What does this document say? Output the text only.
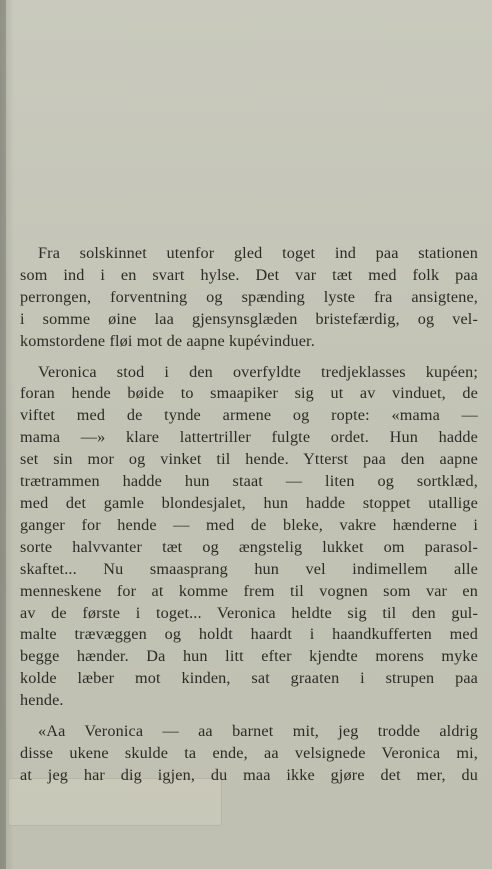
Fra solskinnet utenfor gled toget ind paa stationen
som ind i en svart hylse. Det var tæt med folk paa
perrongen, forventning og spænding lyste fra ansigtene,
i somme øine laa gjensynsglæden bristefærdig, og vel-
komstordene fløi mot de aapne kupévinduer.

Veronica stod i den overfyldte tredjeklasses kupéen;
foran hende bøide to smaapiker sig ut av vinduet, de
viftet med de tynde armene og ropte: «mama —
mama —» klare lattertriller fulgte ordet. Hun hadde
set sin mor og vinket til hende. Ytterst paa den aapne
trætrammen hadde hun staat — liten og sortklæd,
med det gamle blondesjalet, hun hadde stoppet utallige
ganger for hende — med de bleke, vakre hænderne i
sorte halvvanter tæt og ængstelig lukket om parasol-
skaftet... Nu smaasprang hun vel indimellem alle
menneskene for at komme frem til vognen som var en
av de første i toget... Veronica heldte sig til den gul-
malte trævæggen og holdt haardt i haandkufferten med
begge hænder. Da hun litt efter kjendte morens myke
kolde læber mot kinden, sat graaten i strupen paa
hende.

«Aa Veronica — aa barnet mit, jeg trodde aldrig
disse ukene skulde ta ende, aa velsignede Veronica mi,
at jeg har dig igjen, du maa ikke gjøre det mer, du
